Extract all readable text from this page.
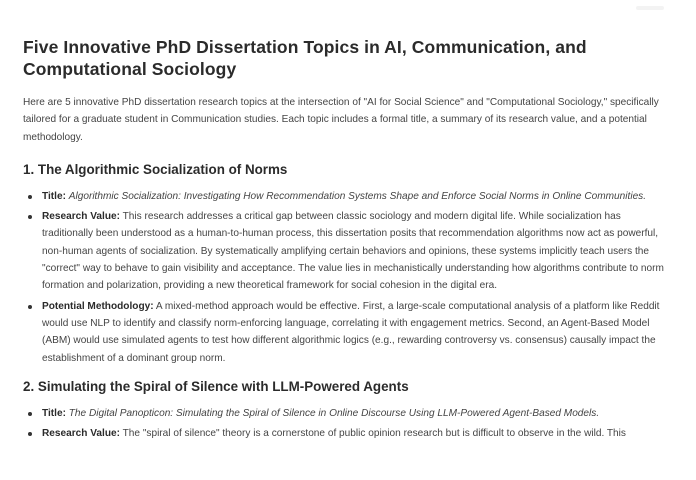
Five Innovative PhD Dissertation Topics in AI, Communication, and Computational Sociology

Here are 5 innovative PhD dissertation research topics at the intersection of "AI for Social Science" and "Computational Sociology," specifically tailored for a graduate student in Communication studies. Each topic includes a formal title, a summary of its research value, and a potential methodology.

1. The Algorithmic Socialization of Norms
Title: Algorithmic Socialization: Investigating How Recommendation Systems Shape and Enforce Social Norms in Online Communities.
Research Value: This research addresses a critical gap between classic sociology and modern digital life. While socialization has traditionally been understood as a human-to-human process, this dissertation posits that recommendation algorithms now act as powerful, non-human agents of socialization. By systematically amplifying certain behaviors and opinions, these systems implicitly teach users the "correct" way to behave to gain visibility and acceptance. The value lies in mechanistically understanding how algorithms contribute to norm formation and polarization, providing a new theoretical framework for social cohesion in the digital era.
Potential Methodology: A mixed-method approach would be effective. First, a large-scale computational analysis of a platform like Reddit would use NLP to identify and classify norm-enforcing language, correlating it with engagement metrics. Second, an Agent-Based Model (ABM) would use simulated agents to test how different algorithmic logics (e.g., rewarding controversy vs. consensus) causally impact the establishment of a dominant group norm.
2. Simulating the Spiral of Silence with LLM-Powered Agents
Title: The Digital Panopticon: Simulating the Spiral of Silence in Online Discourse Using LLM-Powered Agent-Based Models.
Research Value: The "spiral of silence" theory is a cornerstone of public opinion research but is difficult to observe in the wild. This
